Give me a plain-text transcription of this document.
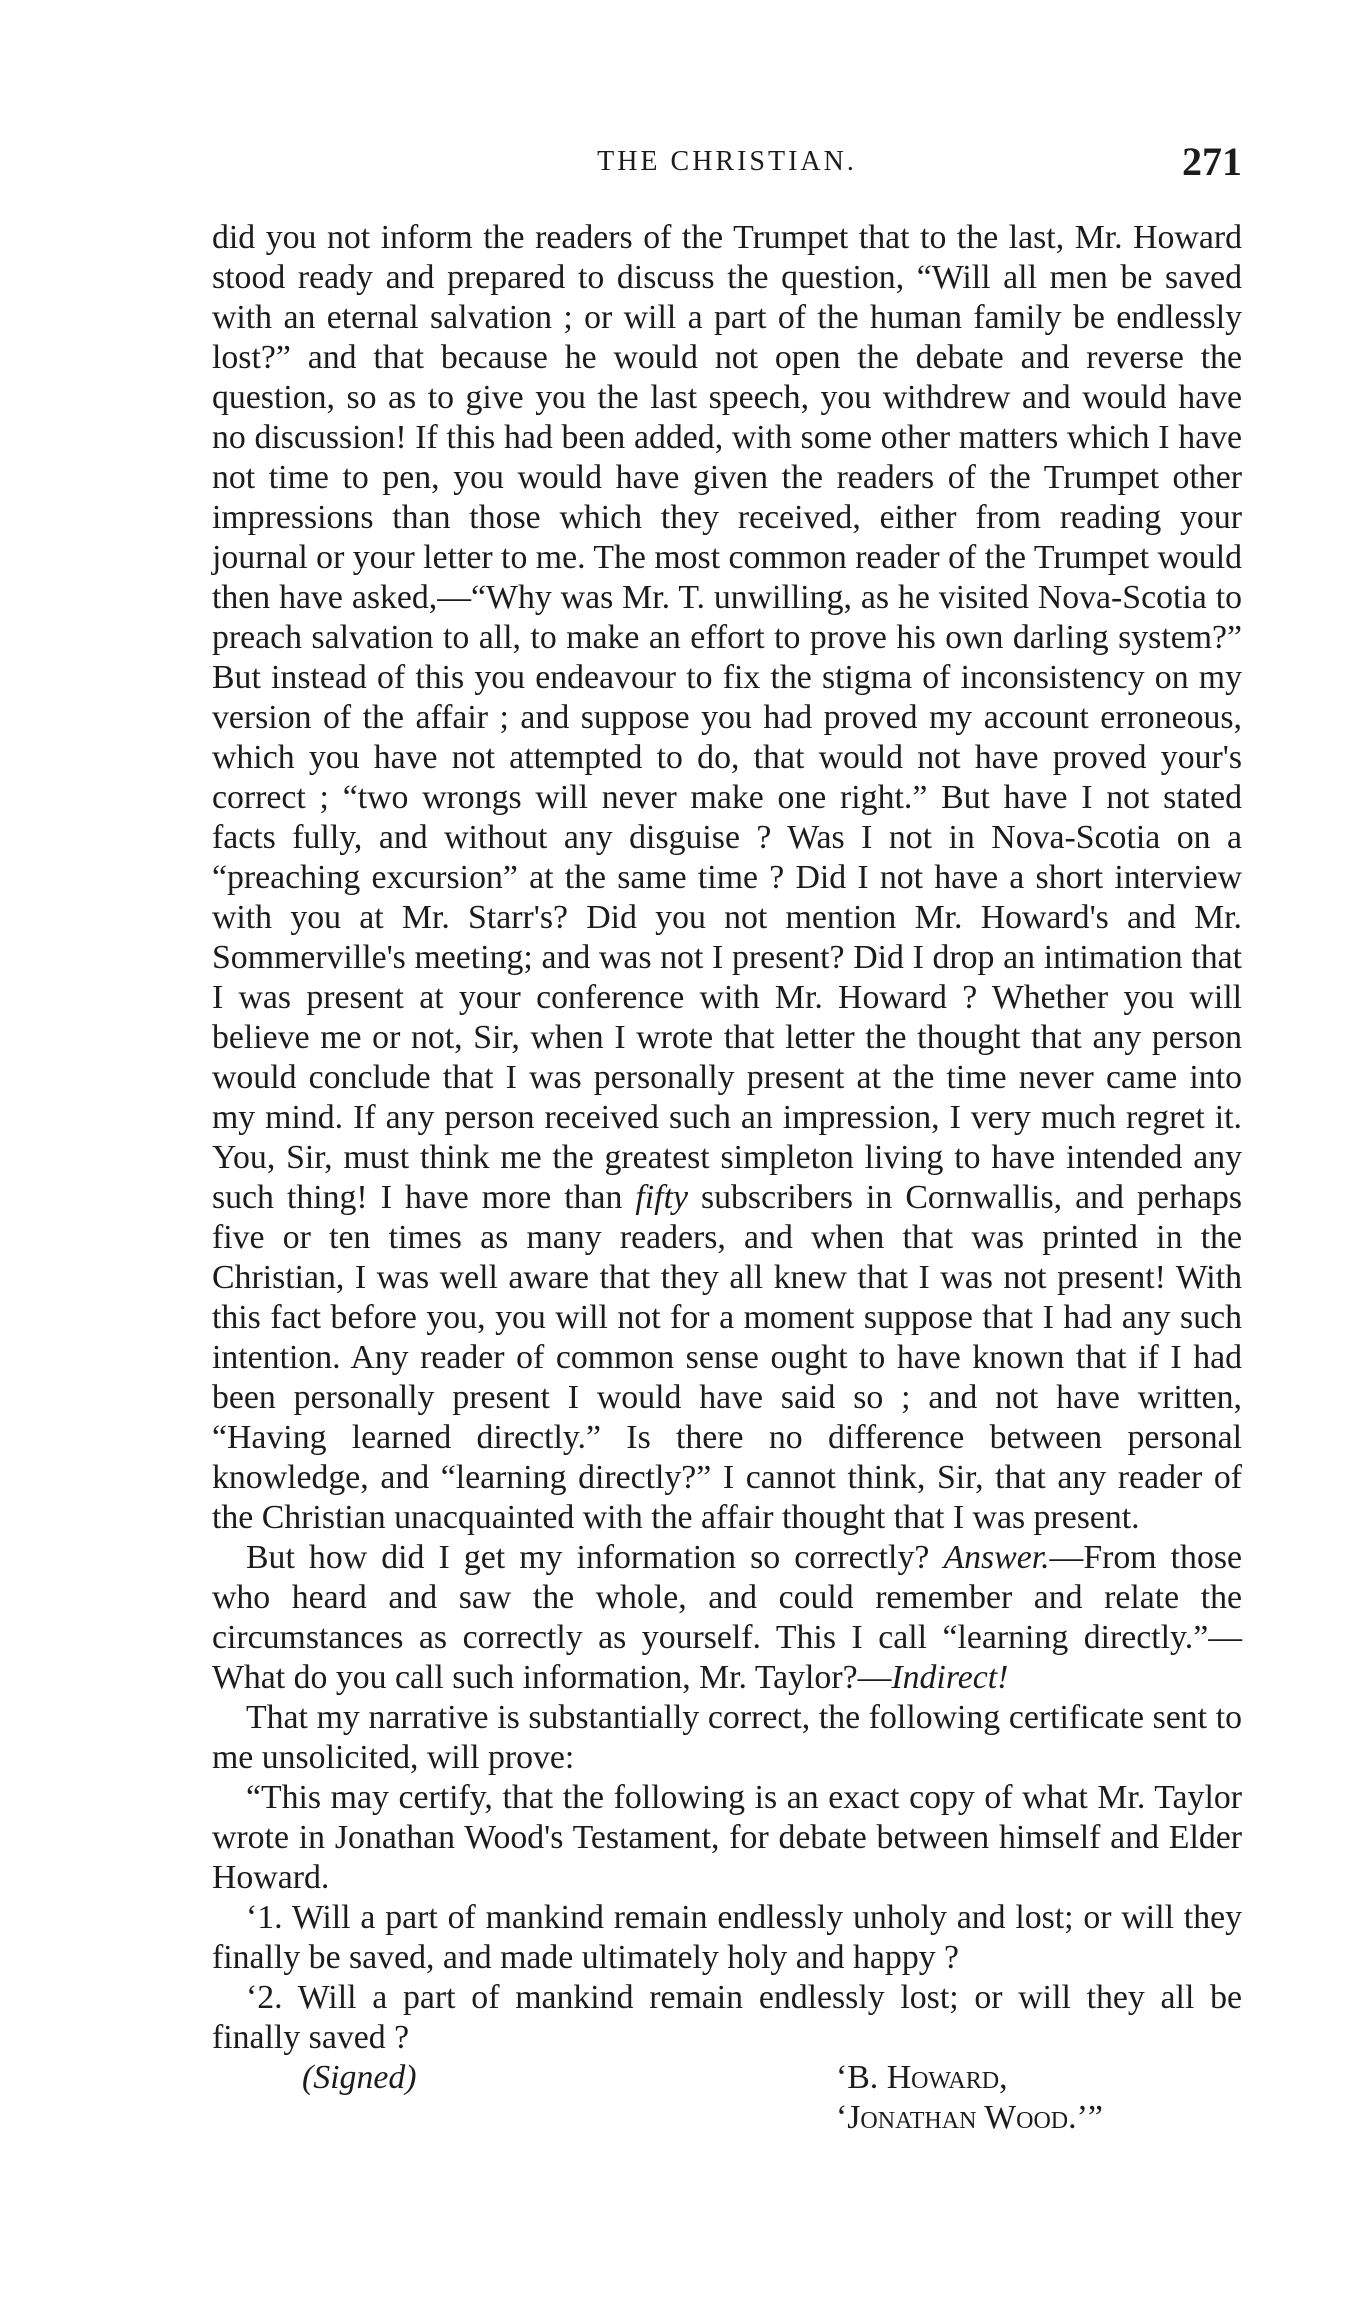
THE CHRISTIAN.	271

did you not inform the readers of the Trumpet that to the last, Mr. Howard stood ready and prepared to discuss the question, “Will all men be saved with an eternal salvation ; or will a part of the human family be endlessly lost?” and that because he would not open the debate and reverse the question, so as to give you the last speech, you withdrew and would have no discussion! If this had been added, with some other matters which I have not time to pen, you would have given the readers of the Trumpet other impressions than those which they received, either from reading your journal or your letter to me. The most common reader of the Trumpet would then have asked,—“Why was Mr. T. unwilling, as he visited Nova-Scotia to preach salvation to all, to make an effort to prove his own darling system?” But instead of this you endeavour to fix the stigma of inconsistency on my version of the affair ; and suppose you had proved my account erroneous, which you have not attempted to do, that would not have proved your's correct ; “two wrongs will never make one right.” But have I not stated facts fully, and without any disguise ? Was I not in Nova-Scotia on a “preaching excursion” at the same time ? Did I not have a short interview with you at Mr. Starr's? Did you not mention Mr. Howard's and Mr. Sommerville's meeting; and was not I present? Did I drop an intimation that I was present at your conference with Mr. Howard ? Whether you will believe me or not, Sir, when I wrote that letter the thought that any person would conclude that I was personally present at the time never came into my mind. If any person received such an impression, I very much regret it. You, Sir, must think me the greatest simpleton living to have intended any such thing! I have more than fifty subscribers in Cornwallis, and perhaps five or ten times as many readers, and when that was printed in the Christian, I was well aware that they all knew that I was not present! With this fact before you, you will not for a moment suppose that I had any such intention. Any reader of common sense ought to have known that if I had been personally present I would have said so ; and not have written, “Having learned directly.” Is there no difference between personal knowledge, and “learning directly?” I cannot think, Sir, that any reader of the Christian unacquainted with the affair thought that I was present.

But how did I get my information so correctly? Answer.—From those who heard and saw the whole, and could remember and relate the circumstances as correctly as yourself. This I call “learning directly.”—What do you call such information, Mr. Taylor?—Indirect!

That my narrative is substantially correct, the following certificate sent to me unsolicited, will prove:

“This may certify, that the following is an exact copy of what Mr. Taylor wrote in Jonathan Wood's Testament, for debate between himself and Elder Howard.

‘1. Will a part of mankind remain endlessly unholy and lost; or will they finally be saved, and made ultimately holy and happy ?

‘2. Will a part of mankind remain endlessly lost; or will they all be finally saved ?

(Signed)	‘B. Howard,
‘Jonathan Wood.’”
